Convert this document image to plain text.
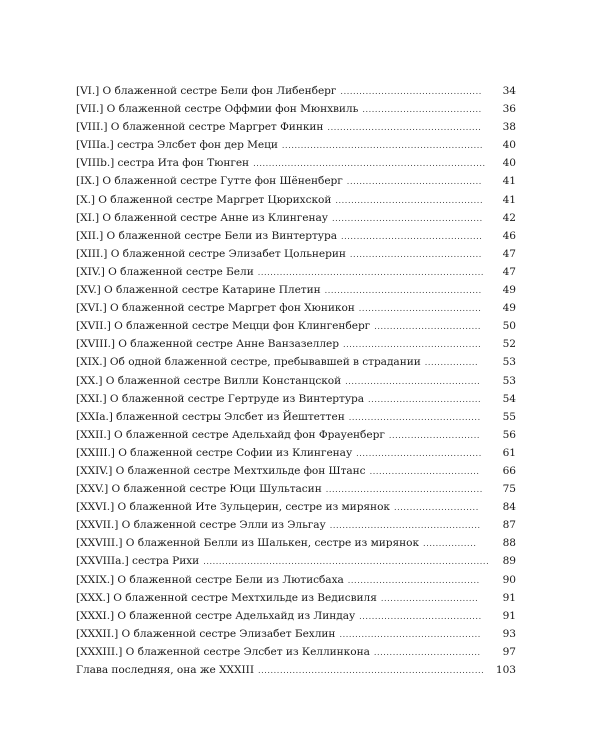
[VI.] О блаженной сестре Бели фон Либенберг ............................................. 34
[VII.] О блаженной сестре Оффмии фон Мюнхвиль ...................................... 36
[VIII.] О блаженной сестре Маргрет Финкин ................................................. 38
[VIIIa.] сестра Элсбет фон дер Меци ................................................................ 40
[VIIIb.] сестра Ита фон Тюнген .......................................................................... 40
[IX.] О блаженной сестре Гутте фон Шёненберг ........................................... 41
[X.] О блаженной сестре Маргрет Цюрихской ............................................... 41
[XI.] О блаженной сестре Анне из Клингенау ................................................ 42
[XII.] О блаженной сестре Бели из Винтертура ............................................. 46
[XIII.] О блаженной сестре Элизабет Цольнерин .......................................... 47
[XIV.] О блаженной сестре Бели ........................................................................ 47
[XV.] О блаженной сестре Катарине Плетин .................................................. 49
[XVI.] О блаженной сестре Маргрет фон Хюникон ....................................... 49
[XVII.] О блаженной сестре Мецци фон Клингенберг .................................. 50
[XVIII.] О блаженной сестре Анне Ванзазеллер ............................................ 52
[XIX.] Об одной блаженной сестре, пребывавшей в страдании ................. 53
[XX.] О блаженной сестре Вилли Констанцской ........................................... 53
[XXI.] О блаженной сестре Гертруде из Винтертура .................................... 54
[XXIa.] блаженной сестры Элсбет из Йештеттен .......................................... 55
[XXII.] О блаженной сестре Адельхайд фон Фрауенберг ............................. 56
[XXIII.] О блаженной сестре Софии из Клингенау ........................................ 61
[XXIV.] О блаженной сестре Мехтхильде фон Штанс ................................... 66
[XXV.] О блаженной сестре Юци Шультасин .................................................. 75
[XXVI.] О блаженной Ите Зульцерин, сестре из мирянок ........................... 84
[XXVII.] О блаженной сестре Элли из Эльгау ................................................ 87
[XXVIII.] О блаженной Белли из Шалькен, сестре из мирянок ................. 88
[XXVIIIa.] сестра Рихи ........................................................................................... 89
[XXIX.] О блаженной сестре Бели из Лютисбаха .......................................... 90
[XXX.] О блаженной сестре Мехтхильде из Ведисвиля ............................... 91
[XXXI.] О блаженной сестре Адельхайд из Линдау ....................................... 91
[XXXII.] О блаженной сестре Элизабет Бехлин ............................................. 93
[XXXIII.] О блаженной сестре Элсбет из Келлинкона .................................. 97
Глава последняя, она же XXXIII ........................................................................ 103
